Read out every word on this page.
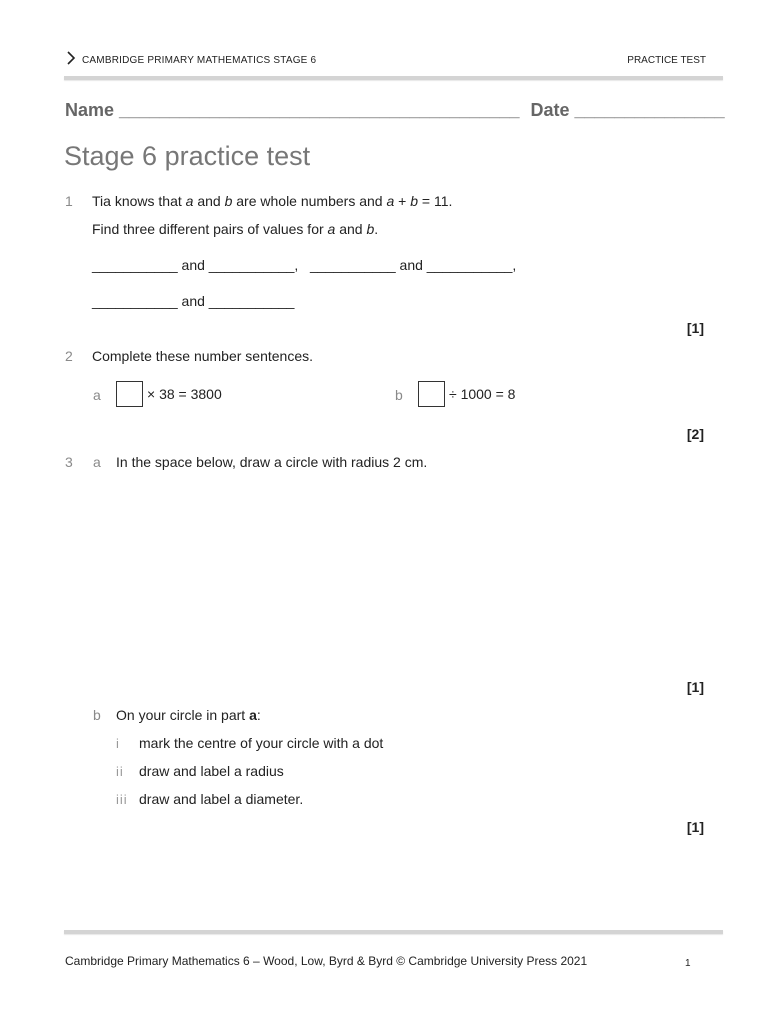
CAMBRIDGE PRIMARY MATHEMATICS STAGE 6	PRACTICE TEST
Name ________________________________________ Date _______________
Stage 6 practice test
1 Tia knows that a and b are whole numbers and a + b = 11.
Find three different pairs of values for a and b.
___________ and ___________,   ___________ and ___________,
___________ and ___________
[1]
2 Complete these number sentences.
a	× 38 = 3800	b	÷ 1000 = 8
[2]
3 a In the space below, draw a circle with radius 2 cm.
[1]
b On your circle in part a:
i mark the centre of your circle with a dot
ii draw and label a radius
iii draw and label a diameter.
[1]
Cambridge Primary Mathematics 6 – Wood, Low, Byrd & Byrd © Cambridge University Press 2021	1
